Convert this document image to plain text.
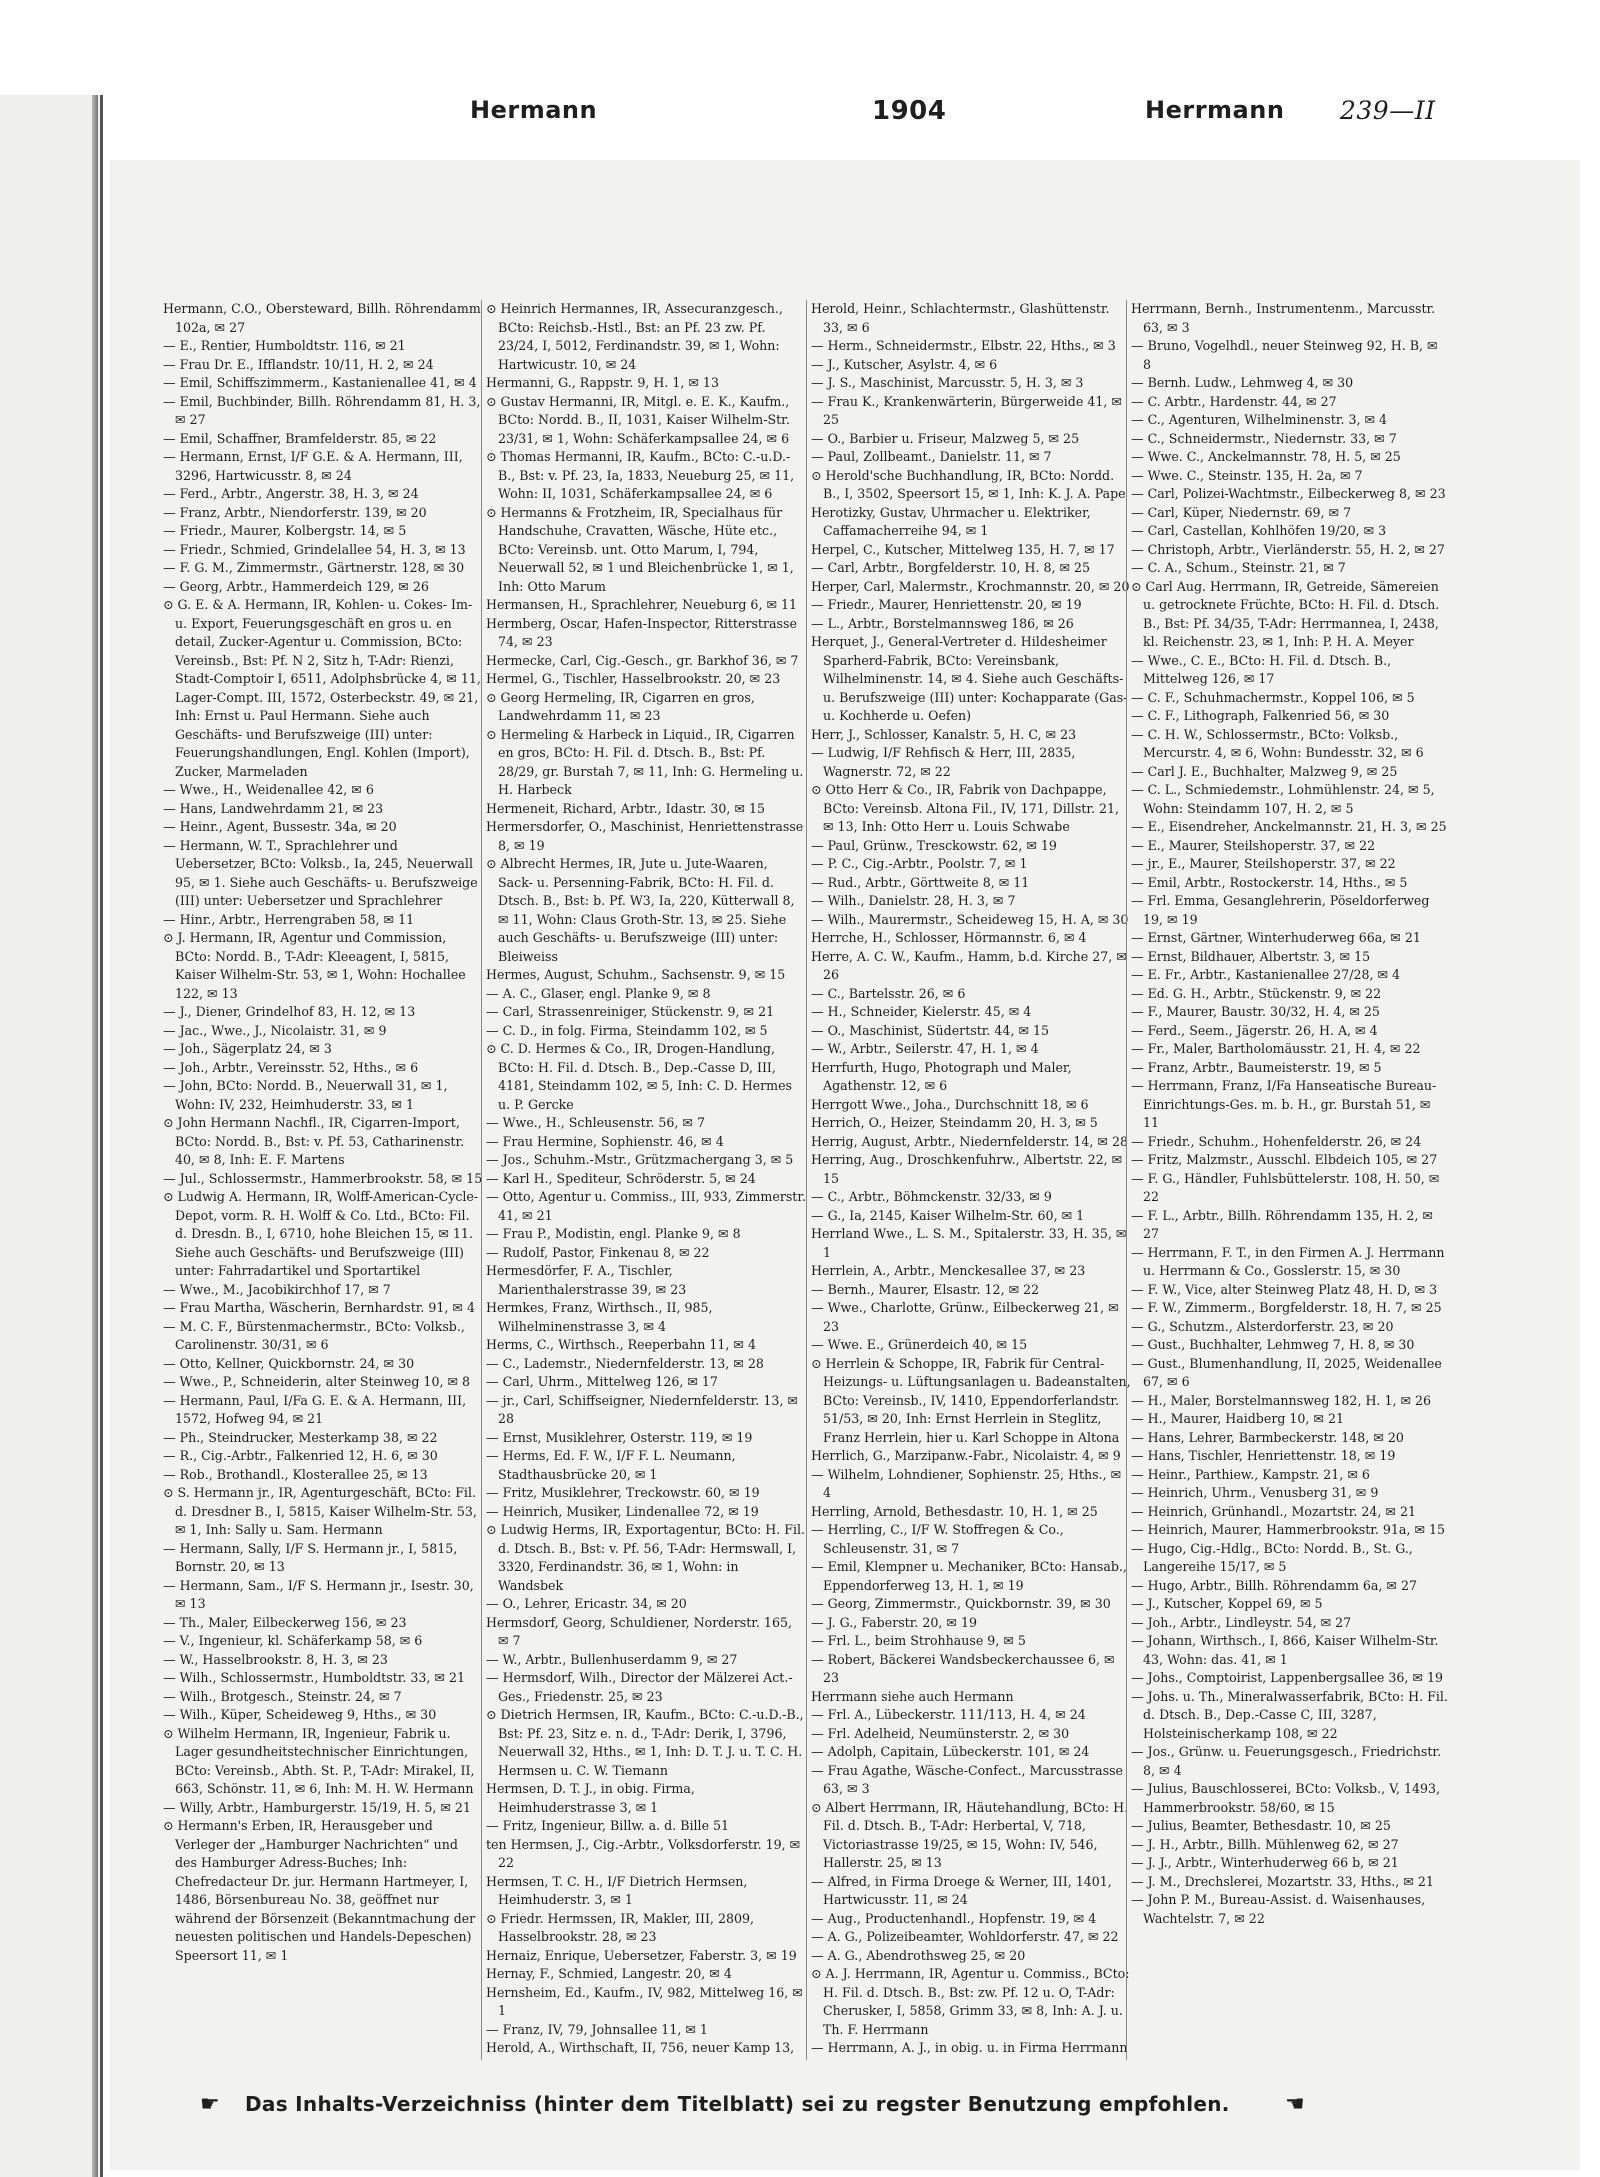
Hermann	1904	Herrmann 239—II

Hermann, C.O., Obersteward, Billh. Röhrendamm 102a, ✉ 27

— E., Rentier, Humboldtstr. 116, ✉ 21

— Frau Dr. E., Ifflandstr. 10/11, H. 2, ✉ 24

— Emil, Schiffszimmerm., Kastanienallee 41, ✉ 4

— Emil, Buchbinder, Billh. Röhrendamm 81, H. 3, ✉ 27

— Emil, Schaffner, Bramfelderstr. 85, ✉ 22

— Hermann, Ernst, I/F G.E. & A. Hermann, III, 3296, Hartwicusstr. 8, ✉ 24

— Ferd., Arbtr., Angerstr. 38, H. 3, ✉ 24

— Franz, Arbtr., Niendorferstr. 139, ✉ 20

— Friedr., Maurer, Kolbergstr. 14, ✉ 5

— Friedr., Schmied, Grindelallee 54, H. 3, ✉ 13

— F. G. M., Zimmermstr., Gärtnerstr. 128, ✉ 30

— Georg, Arbtr., Hammerdeich 129, ✉ 26

⊙ G. E. & A. Hermann, IR, Kohlen- u. Cokes- Im- u. Export, Feuerungsgeschäft en gros u. en detail, Zucker-Agentur u. Commission, BCto: Vereinsb., Bst: Pf. N 2, Sitz h, T-Adr: Rienzi, Stadt-Comptoir I, 6511, Adolphsbrücke 4, ✉ 11, Lager-Compt. III, 1572, Osterbeckstr. 49, ✉ 21, Inh: Ernst u. Paul Hermann. Siehe auch Geschäfts- und Berufszweige (III) unter: Feuerungshandlungen, Engl. Kohlen (Import), Zucker, Marmeladen

— Wwe., H., Weidenallee 42, ✉ 6

— Hans, Landwehrdamm 21, ✉ 23

— Heinr., Agent, Bussestr. 34a, ✉ 20

— Hermann, W. T., Sprachlehrer und Uebersetzer, BCto: Volksb., Ia, 245, Neuerwall 95, ✉ 1. Siehe auch Geschäfts- u. Berufszweige (III) unter: Uebersetzer und Sprachlehrer

— Hinr., Arbtr., Herrengraben 58, ✉ 11

⊙ J. Hermann, IR, Agentur und Commission, BCto: Nordd. B., T-Adr: Kleeagent, I, 5815, Kaiser Wilhelm-Str. 53, ✉ 1, Wohn: Hochallee 122, ✉ 13

— J., Diener, Grindelhof 83, H. 12, ✉ 13

— Jac., Wwe., J., Nicolaistr. 31, ✉ 9

— Joh., Sägerplatz 24, ✉ 3

— Joh., Arbtr., Vereinsstr. 52, Hths., ✉ 6

— John, BCto: Nordd. B., Neuerwall 31, ✉ 1, Wohn: IV, 232, Heimhuderstr. 33, ✉ 1

⊙ John Hermann Nachfl., IR, Cigarren-Import, BCto: Nordd. B., Bst: v. Pf. 53, Catharinenstr. 40, ✉ 8, Inh: E. F. Martens

— Jul., Schlossermstr., Hammerbrookstr. 58, ✉ 15

⊙ Ludwig A. Hermann, IR, Wolff-American-Cycle-Depot, vorm. R. H. Wolff & Co. Ltd., BCto: Fil. d. Dresdn. B., I, 6710, hohe Bleichen 15, ✉ 11. Siehe auch Geschäfts- und Berufszweige (III) unter: Fahrradartikel und Sportartikel

— Wwe., M., Jacobikirchhof 17, ✉ 7

— Frau Martha, Wäscherin, Bernhardstr. 91, ✉ 4

— M. C. F., Bürstenmachermstr., BCto: Volksb., Carolinenstr. 30/31, ✉ 6

— Otto, Kellner, Quickbornstr. 24, ✉ 30

— Wwe., P., Schneiderin, alter Steinweg 10, ✉ 8

— Hermann, Paul, I/Fa G. E. & A. Hermann, III, 1572, Hofweg 94, ✉ 21

— Ph., Steindrucker, Mesterkamp 38, ✉ 22

— R., Cig.-Arbtr., Falkenried 12, H. 6, ✉ 30

— Rob., Brothandl., Klosterallee 25, ✉ 13

⊙ S. Hermann jr., IR, Agenturgeschäft, BCto: Fil. d. Dresdner B., I, 5815, Kaiser Wilhelm-Str. 53, ✉ 1, Inh: Sally u. Sam. Hermann

— Hermann, Sally, I/F S. Hermann jr., I, 5815, Bornstr. 20, ✉ 13

— Hermann, Sam., I/F S. Hermann jr., Isestr. 30, ✉ 13

— Th., Maler, Eilbeckerweg 156, ✉ 23

— V., Ingenieur, kl. Schäferkamp 58, ✉ 6

— W., Hasselbrookstr. 8, H. 3, ✉ 23

— Wilh., Schlossermstr., Humboldtstr. 33, ✉ 21

— Wilh., Brotgesch., Steinstr. 24, ✉ 7

— Wilh., Küper, Scheideweg 9, Hths., ✉ 30

⊙ Wilhelm Hermann, IR, Ingenieur, Fabrik u. Lager gesundheitstechnischer Einrichtungen, BCto: Vereinsb., Abth. St. P., T-Adr: Mirakel, II, 663, Schönstr. 11, ✉ 6, Inh: M. H. W. Hermann

— Willy, Arbtr., Hamburgerstr. 15/19, H. 5, ✉ 21

⊙ Hermann's Erben, IR, Herausgeber und Verleger der „Hamburger Nachrichten“ und des Hamburger Adress-Buches; Inh: Chefredacteur Dr. jur. Hermann Hartmeyer, I, 1486, Börsenbureau No. 38, geöffnet nur während der Börsenzeit (Bekanntmachung der neuesten politischen und Handels-Depeschen) Speersort 11, ✉ 1

⊙ Heinrich Hermannes, IR, Assecuranzgesch., BCto: Reichsb.-Hstl., Bst: an Pf. 23 zw. Pf. 23/24, I, 5012, Ferdinandstr. 39, ✉ 1, Wohn: Hartwicustr. 10, ✉ 24

Hermanni, G., Rappstr. 9, H. 1, ✉ 13

⊙ Gustav Hermanni, IR, Mitgl. e. E. K., Kaufm., BCto: Nordd. B., II, 1031, Kaiser Wilhelm-Str. 23/31, ✉ 1, Wohn: Schäferkampsallee 24, ✉ 6

⊙ Thomas Hermanni, IR, Kaufm., BCto: C.-u.D.-B., Bst: v. Pf. 23, Ia, 1833, Neueburg 25, ✉ 11, Wohn: II, 1031, Schäferkampsallee 24, ✉ 6

⊙ Hermanns & Frotzheim, IR, Specialhaus für Handschuhe, Cravatten, Wäsche, Hüte etc., BCto: Vereinsb. unt. Otto Marum, I, 794, Neuerwall 52, ✉ 1 und Bleichenbrücke 1, ✉ 1, Inh: Otto Marum

Hermansen, H., Sprachlehrer, Neueburg 6, ✉ 11

Hermberg, Oscar, Hafen-Inspector, Ritterstrasse 74, ✉ 23

Hermecke, Carl, Cig.-Gesch., gr. Barkhof 36, ✉ 7

Hermel, G., Tischler, Hasselbrookstr. 20, ✉ 23

⊙ Georg Hermeling, IR, Cigarren en gros, Landwehrdamm 11, ✉ 23

⊙ Hermeling & Harbeck in Liquid., IR, Cigarren en gros, BCto: H. Fil. d. Dtsch. B., Bst: Pf. 28/29, gr. Burstah 7, ✉ 11, Inh: G. Hermeling u. H. Harbeck

Hermeneit, Richard, Arbtr., Idastr. 30, ✉ 15

Hermersdorfer, O., Maschinist, Henriettenstrasse 8, ✉ 19

⊙ Albrecht Hermes, IR, Jute u. Jute-Waaren, Sack- u. Persenning-Fabrik, BCto: H. Fil. d. Dtsch. B., Bst: b. Pf. W3, Ia, 220, Kütterwall 8, ✉ 11, Wohn: Claus Groth-Str. 13, ✉ 25. Siehe auch Geschäfts- u. Berufszweige (III) unter: Bleiweiss

Hermes, August, Schuhm., Sachsenstr. 9, ✉ 15

— A. C., Glaser, engl. Planke 9, ✉ 8

— Carl, Strassenreiniger, Stückenstr. 9, ✉ 21

— C. D., in folg. Firma, Steindamm 102, ✉ 5

⊙ C. D. Hermes & Co., IR, Drogen-Handlung, BCto: H. Fil. d. Dtsch. B., Dep.-Casse D, III, 4181, Steindamm 102, ✉ 5, Inh: C. D. Hermes u. P. Gercke

— Wwe., H., Schleusenstr. 56, ✉ 7

— Frau Hermine, Sophienstr. 46, ✉ 4

— Jos., Schuhm.-Mstr., Grützmachergang 3, ✉ 5

— Karl H., Spediteur, Schröderstr. 5, ✉ 24

— Otto, Agentur u. Commiss., III, 933, Zimmerstr. 41, ✉ 21

— Frau P., Modistin, engl. Planke 9, ✉ 8

— Rudolf, Pastor, Finkenau 8, ✉ 22

Hermesdörfer, F. A., Tischler, Marienthalerstrasse 39, ✉ 23

Hermkes, Franz, Wirthsch., II, 985, Wilhelminenstrasse 3, ✉ 4

Herms, C., Wirthsch., Reeperbahn 11, ✉ 4

— C., Lademstr., Niedernfelderstr. 13, ✉ 28

— Carl, Uhrm., Mittelweg 126, ✉ 17

— jr., Carl, Schiffseigner, Niedernfelderstr. 13, ✉ 28

— Ernst, Musiklehrer, Osterstr. 119, ✉ 19

— Herms, Ed. F. W., I/F F. L. Neumann, Stadthausbrücke 20, ✉ 1

— Fritz, Musiklehrer, Treckowstr. 60, ✉ 19

— Heinrich, Musiker, Lindenallee 72, ✉ 19

⊙ Ludwig Herms, IR, Exportagentur, BCto: H. Fil. d. Dtsch. B., Bst: v. Pf. 56, T-Adr: Hermswall, I, 3320, Ferdinandstr. 36, ✉ 1, Wohn: in Wandsbek

— O., Lehrer, Ericastr. 34, ✉ 20

Hermsdorf, Georg, Schuldiener, Norderstr. 165, ✉ 7

— W., Arbtr., Bullenhuserdamm 9, ✉ 27

— Hermsdorf, Wilh., Director der Mälzerei Act.-Ges., Friedenstr. 25, ✉ 23

⊙ Dietrich Hermsen, IR, Kaufm., BCto: C.-u.D.-B., Bst: Pf. 23, Sitz e. n. d., T-Adr: Derik, I, 3796, Neuerwall 32, Hths., ✉ 1, Inh: D. T. J. u. T. C. H. Hermsen u. C. W. Tiemann

Hermsen, D. T. J., in obig. Firma, Heimhuderstrasse 3, ✉ 1

— Fritz, Ingenieur, Billw. a. d. Bille 51

ten Hermsen, J., Cig.-Arbtr., Volksdorferstr. 19, ✉ 22

Hermsen, T. C. H., I/F Dietrich Hermsen, Heimhuderstr. 3, ✉ 1

⊙ Friedr. Hermssen, IR, Makler, III, 2809, Hasselbrookstr. 28, ✉ 23

Hernaiz, Enrique, Uebersetzer, Faberstr. 3, ✉ 19

Hernay, F., Schmied, Langestr. 20, ✉ 4

Hernsheim, Ed., Kaufm., IV, 982, Mittelweg 16, ✉ 1

— Franz, IV, 79, Johnsallee 11, ✉ 1

Herold, A., Wirthschaft, II, 756, neuer Kamp 13,

Herold, Heinr., Schlachtermstr., Glashüttenstr. 33, ✉ 6

— Herm., Schneidermstr., Elbstr. 22, Hths., ✉ 3

— J., Kutscher, Asylstr. 4, ✉ 6

— J. S., Maschinist, Marcusstr. 5, H. 3, ✉ 3

— Frau K., Krankenwärterin, Bürgerweide 41, ✉ 25

— O., Barbier u. Friseur, Malzweg 5, ✉ 25

— Paul, Zollbeamt., Danielstr. 11, ✉ 7

⊙ Herold'sche Buchhandlung, IR, BCto: Nordd. B., I, 3502, Speersort 15, ✉ 1, Inh: K. J. A. Pape

Herotizky, Gustav, Uhrmacher u. Elektriker, Caffamacherreihe 94, ✉ 1

Herpel, C., Kutscher, Mittelweg 135, H. 7, ✉ 17

— Carl, Arbtr., Borgfelderstr. 10, H. 8, ✉ 25

Herper, Carl, Malermstr., Krochmannstr. 20, ✉ 20

— Friedr., Maurer, Henriettenstr. 20, ✉ 19

— L., Arbtr., Borstelmannsweg 186, ✉ 26

Herquet, J., General-Vertreter d. Hildesheimer Sparherd-Fabrik, BCto: Vereinsbank, Wilhelminenstr. 14, ✉ 4. Siehe auch Geschäfts- u. Berufszweige (III) unter: Kochapparate (Gas- u. Kochherde u. Oefen)

Herr, J., Schlosser, Kanalstr. 5, H. C, ✉ 23

— Ludwig, I/F Rehfisch & Herr, III, 2835, Wagnerstr. 72, ✉ 22

⊙ Otto Herr & Co., IR, Fabrik von Dachpappe, BCto: Vereinsb. Altona Fil., IV, 171, Dillstr. 21, ✉ 13, Inh: Otto Herr u. Louis Schwabe

— Paul, Grünw., Tresckowstr. 62, ✉ 19

— P. C., Cig.-Arbtr., Poolstr. 7, ✉ 1

— Rud., Arbtr., Görttweite 8, ✉ 11

— Wilh., Danielstr. 28, H. 3, ✉ 7

— Wilh., Maurermstr., Scheideweg 15, H. A, ✉ 30

Herrche, H., Schlosser, Hörmannstr. 6, ✉ 4

Herre, A. C. W., Kaufm., Hamm, b.d. Kirche 27, ✉ 26

— C., Bartelsstr. 26, ✉ 6

— H., Schneider, Kielerstr. 45, ✉ 4

— O., Maschinist, Südertstr. 44, ✉ 15

— W., Arbtr., Seilerstr. 47, H. 1, ✉ 4

Herrfurth, Hugo, Photograph und Maler, Agathenstr. 12, ✉ 6

Herrgott Wwe., Joha., Durchschnitt 18, ✉ 6

Herrich, O., Heizer, Steindamm 20, H. 3, ✉ 5

Herrig, August, Arbtr., Niedernfelderstr. 14, ✉ 28

Herring, Aug., Droschkenfuhrw., Albertstr. 22, ✉ 15

— C., Arbtr., Böhmckenstr. 32/33, ✉ 9

— G., Ia, 2145, Kaiser Wilhelm-Str. 60, ✉ 1

Herrland Wwe., L. S. M., Spitalerstr. 33, H. 35, ✉ 1

Herrlein, A., Arbtr., Menckesallee 37, ✉ 23

— Bernh., Maurer, Elsastr. 12, ✉ 22

— Wwe., Charlotte, Grünw., Eilbeckerweg 21, ✉ 23

— Wwe. E., Grünerdeich 40, ✉ 15

⊙ Herrlein & Schoppe, IR, Fabrik für Central-Heizungs- u. Lüftungsanlagen u. Badeanstalten, BCto: Vereinsb., IV, 1410, Eppendorferlandstr. 51/53, ✉ 20, Inh: Ernst Herrlein in Steglitz, Franz Herrlein, hier u. Karl Schoppe in Altona

Herrlich, G., Marzipanw.-Fabr., Nicolaistr. 4, ✉ 9

— Wilhelm, Lohndiener, Sophienstr. 25, Hths., ✉ 4

Herrling, Arnold, Bethesdastr. 10, H. 1, ✉ 25

— Herrling, C., I/F W. Stoffregen & Co., Schleusenstr. 31, ✉ 7

— Emil, Klempner u. Mechaniker, BCto: Hansab., Eppendorferweg 13, H. 1, ✉ 19

— Georg, Zimmermstr., Quickbornstr. 39, ✉ 30

— J. G., Faberstr. 20, ✉ 19

— Frl. L., beim Strohhause 9, ✉ 5

— Robert, Bäckerei Wandsbeckerchaussee 6, ✉ 23

Herrmann siehe auch Hermann

— Frl. A., Lübeckerstr. 111/113, H. 4, ✉ 24

— Frl. Adelheid, Neumünsterstr. 2, ✉ 30

— Adolph, Capitain, Lübeckerstr. 101, ✉ 24

— Frau Agathe, Wäsche-Confect., Marcusstrasse 63, ✉ 3

⊙ Albert Herrmann, IR, Häutehandlung, BCto: H. Fil. d. Dtsch. B., T-Adr: Herbertal, V, 718, Victoriastrasse 19/25, ✉ 15, Wohn: IV, 546, Hallerstr. 25, ✉ 13

— Alfred, in Firma Droege & Werner, III, 1401, Hartwicusstr. 11, ✉ 24

— Aug., Productenhandl., Hopfenstr. 19, ✉ 4

— A. G., Polizeibeamter, Wohldorferstr. 47, ✉ 22

— A. G., Abendrothsweg 25, ✉ 20

⊙ A. J. Herrmann, IR, Agentur u. Commiss., BCto: H. Fil. d. Dtsch. B., Bst: zw. Pf. 12 u. O, T-Adr: Cherusker, I, 5858, Grimm 33, ✉ 8, Inh: A. J. u. Th. F. Herrmann

— Herrmann, A. J., in obig. u. in Firma Herrmann

Herrmann, Bernh., Instrumentenm., Marcusstr. 63, ✉ 3

— Bruno, Vogelhdl., neuer Steinweg 92, H. B, ✉ 8

— Bernh. Ludw., Lehmweg 4, ✉ 30

— C. Arbtr., Hardenstr. 44, ✉ 27

— C., Agenturen, Wilhelminenstr. 3, ✉ 4

— C., Schneidermstr., Niedernstr. 33, ✉ 7

— Wwe. C., Anckelmannstr. 78, H. 5, ✉ 25

— Wwe. C., Steinstr. 135, H. 2a, ✉ 7

— Carl, Polizei-Wachtmstr., Eilbeckerweg 8, ✉ 23

— Carl, Küper, Niedernstr. 69, ✉ 7

— Carl, Castellan, Kohlhöfen 19/20, ✉ 3

— Christoph, Arbtr., Vierländerstr. 55, H. 2, ✉ 27

— C. A., Schum., Steinstr. 21, ✉ 7

⊙ Carl Aug. Herrmann, IR, Getreide, Sämereien u. getrocknete Früchte, BCto: H. Fil. d. Dtsch. B., Bst: Pf. 34/35, T-Adr: Herrmannea, I, 2438, kl. Reichenstr. 23, ✉ 1, Inh: P. H. A. Meyer

— Wwe., C. E., BCto: H. Fil. d. Dtsch. B., Mittelweg 126, ✉ 17

— C. F., Schuhmachermstr., Koppel 106, ✉ 5

— C. F., Lithograph, Falkenried 56, ✉ 30

— C. H. W., Schlossermstr., BCto: Volksb., Mercurstr. 4, ✉ 6, Wohn: Bundesstr. 32, ✉ 6

— Carl J. E., Buchhalter, Malzweg 9, ✉ 25

— C. L., Schmiedemstr., Lohmühlenstr. 24, ✉ 5, Wohn: Steindamm 107, H. 2, ✉ 5

— E., Eisendreher, Anckelmannstr. 21, H. 3, ✉ 25

— E., Maurer, Steilshoperstr. 37, ✉ 22

— jr., E., Maurer, Steilshoperstr. 37, ✉ 22

— Emil, Arbtr., Rostockerstr. 14, Hths., ✉ 5

— Frl. Emma, Gesanglehrerin, Pöseldorferweg 19, ✉ 19

— Ernst, Gärtner, Winterhuderweg 66a, ✉ 21

— Ernst, Bildhauer, Albertstr. 3, ✉ 15

— E. Fr., Arbtr., Kastanienallee 27/28, ✉ 4

— Ed. G. H., Arbtr., Stückenstr. 9, ✉ 22

— F., Maurer, Baustr. 30/32, H. 4, ✉ 25

— Ferd., Seem., Jägerstr. 26, H. A, ✉ 4

— Fr., Maler, Bartholomäusstr. 21, H. 4, ✉ 22

— Franz, Arbtr., Baumeisterstr. 19, ✉ 5

— Herrmann, Franz, I/Fa Hanseatische Bureau-Einrichtungs-Ges. m. b. H., gr. Burstah 51, ✉ 11

— Friedr., Schuhm., Hohenfelderstr. 26, ✉ 24

— Fritz, Malzmstr., Ausschl. Elbdeich 105, ✉ 27

— F. G., Händler, Fuhlsbüttelerstr. 108, H. 50, ✉ 22

— F. L., Arbtr., Billh. Röhrendamm 135, H. 2, ✉ 27

— Herrmann, F. T., in den Firmen A. J. Herrmann u. Herrmann & Co., Gosslerstr. 15, ✉ 30

— F. W., Vice, alter Steinweg Platz 48, H. D, ✉ 3

— F. W., Zimmerm., Borgfelderstr. 18, H. 7, ✉ 25

— G., Schutzm., Alsterdorferstr. 23, ✉ 20

— Gust., Buchhalter, Lehmweg 7, H. 8, ✉ 30

— Gust., Blumenhandlung, II, 2025, Weidenallee 67, ✉ 6

— H., Maler, Borstelmannsweg 182, H. 1, ✉ 26

— H., Maurer, Haidberg 10, ✉ 21

— Hans, Lehrer, Barmbeckerstr. 148, ✉ 20

— Hans, Tischler, Henriettenstr. 18, ✉ 19

— Heinr., Parthiew., Kampstr. 21, ✉ 6

— Heinrich, Uhrm., Venusberg 31, ✉ 9

— Heinrich, Grünhandl., Mozartstr. 24, ✉ 21

— Heinrich, Maurer, Hammerbrookstr. 91a, ✉ 15

— Hugo, Cig.-Hdlg., BCto: Nordd. B., St. G., Langereihe 15/17, ✉ 5

— Hugo, Arbtr., Billh. Röhrendamm 6a, ✉ 27

— J., Kutscher, Koppel 69, ✉ 5

— Joh., Arbtr., Lindleystr. 54, ✉ 27

— Johann, Wirthsch., I, 866, Kaiser Wilhelm-Str. 43, Wohn: das. 41, ✉ 1

— Johs., Comptoirist, Lappenbergsallee 36, ✉ 19

— Johs. u. Th., Mineralwasserfabrik, BCto: H. Fil. d. Dtsch. B., Dep.-Casse C, III, 3287, Holsteinischerkamp 108, ✉ 22

— Jos., Grünw. u. Feuerungsgesch., Friedrichstr. 8, ✉ 4

— Julius, Bauschlosserei, BCto: Volksb., V, 1493, Hammerbrookstr. 58/60, ✉ 15

— Julius, Beamter, Bethesdastr. 10, ✉ 25

— J. H., Arbtr., Billh. Mühlenweg 62, ✉ 27

— J. J., Arbtr., Winterhuderweg 66 b, ✉ 21

— J. M., Drechslerei, Mozartstr. 33, Hths., ✉ 21

— John P. M., Bureau-Assist. d. Waisenhauses, Wachtelstr. 7, ✉ 22

☛ Das Inhalts-Verzeichniss (hinter dem Titelblatt) sei zu regster Benutzung empfohlen.	☚
